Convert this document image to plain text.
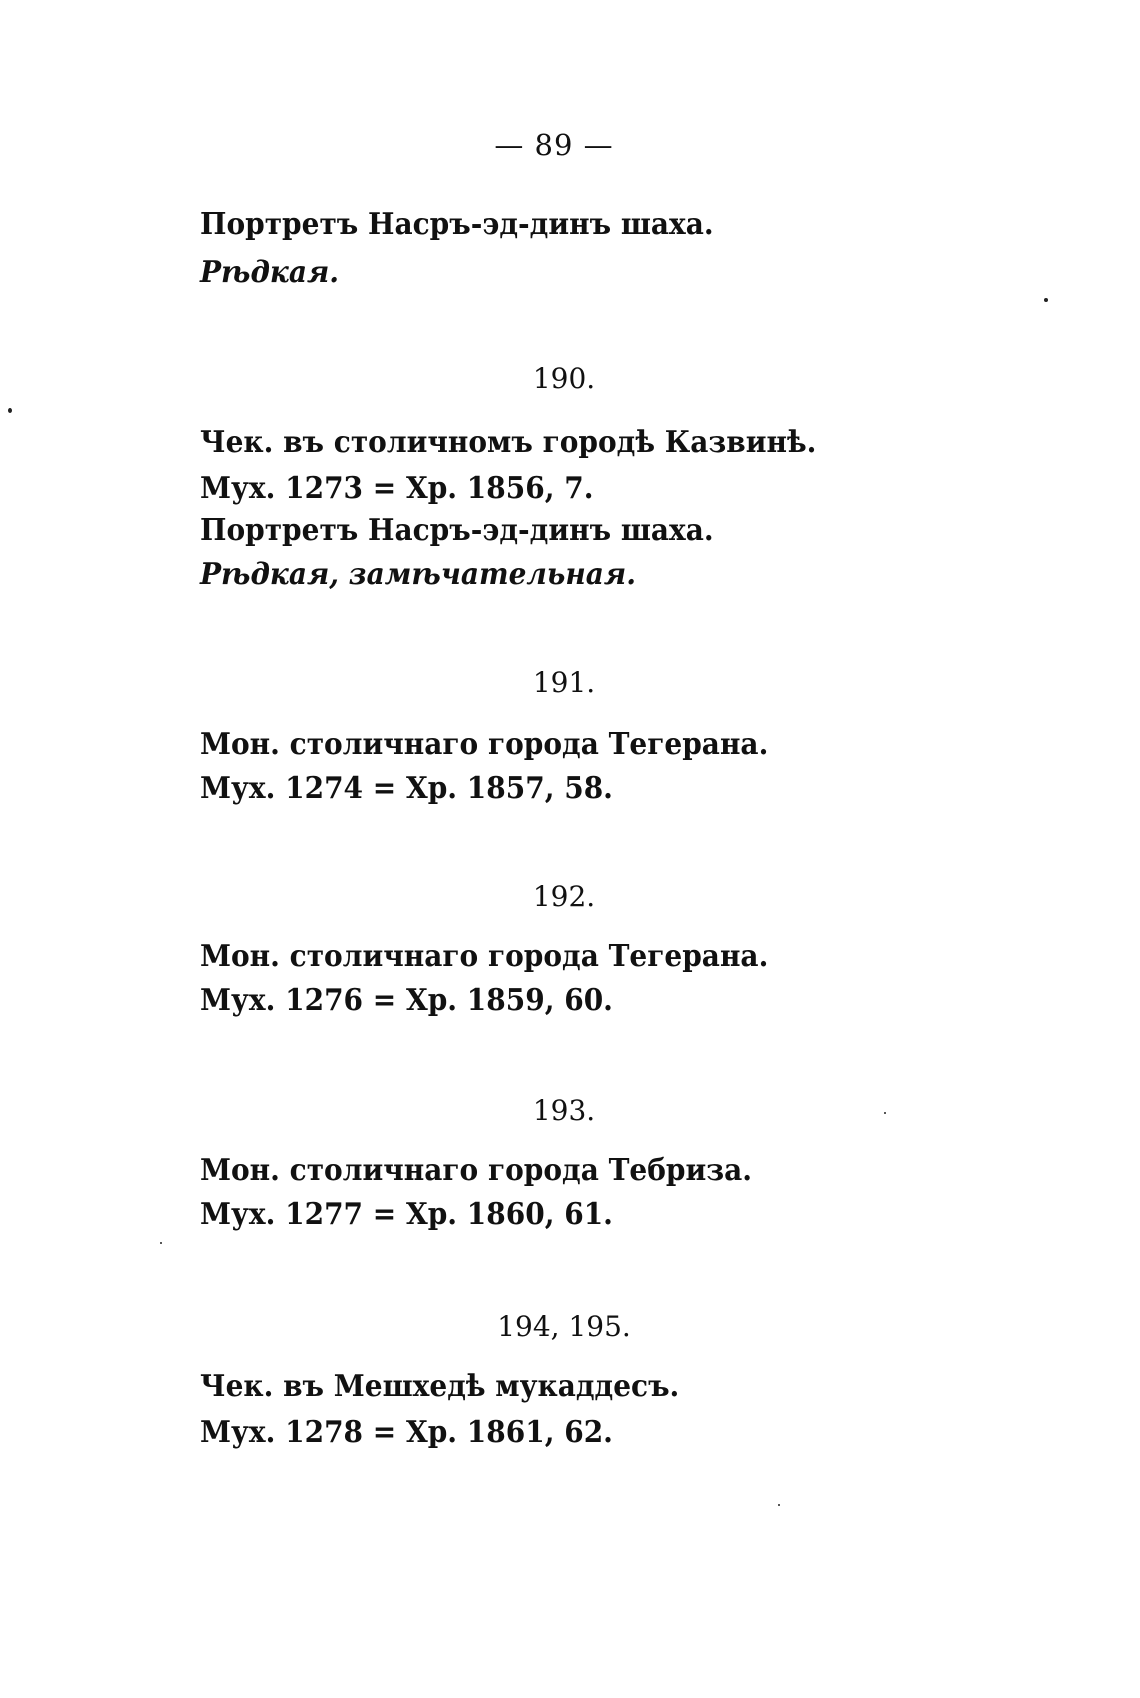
— 89 —
Портретъ Насръ-эд-динъ шаха.
Рѣдкая.
190.
Чек. въ столичномъ городѣ Казвинѣ.
Мух. 1273 = Хр. 1856, 7.
Портретъ Насръ-эд-динъ шаха.
Рѣдкая, замѣчательная.
191.
Мон. столичнаго города Тегерана.
Мух. 1274 = Хр. 1857, 58.
192.
Мон. столичнаго города Тегерана.
Мух. 1276 = Хр. 1859, 60.
193.
Мон. столичнаго города Тебриза.
Мух. 1277 = Хр. 1860, 61.
194, 195.
Чек. въ Мешхедѣ мукаддесъ.
Мух. 1278 = Хр. 1861, 62.
